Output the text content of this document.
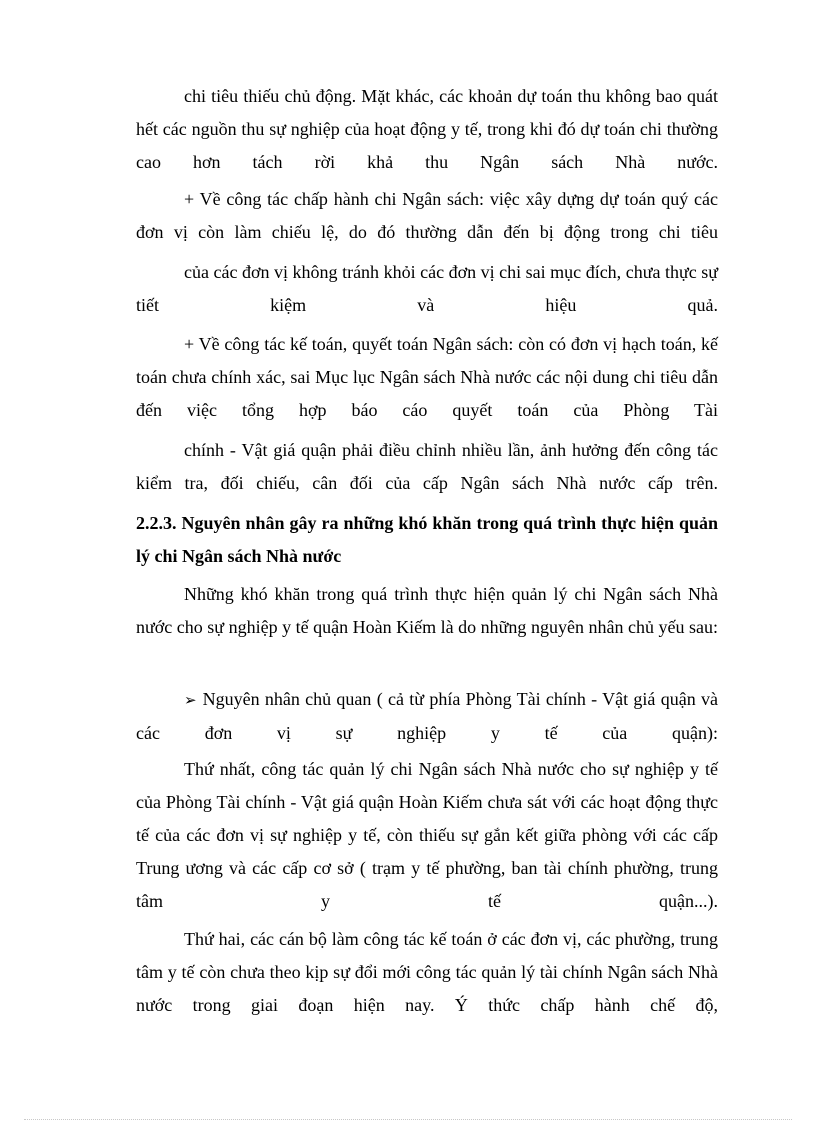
chi tiêu thiếu chủ động. Mặt khác, các khoản dự toán thu không bao quát hết các nguồn thu sự nghiệp của hoạt động y tế, trong khi đó dự toán chi thường cao hơn tách rời khả thu Ngân sách Nhà nước.

+ Về công tác chấp hành chi Ngân sách: việc xây dựng dự toán quý các đơn vị còn làm chiếu lệ, do đó thường dẫn đến bị động trong chi tiêu

của các đơn vị không tránh khỏi các đơn vị chi sai mục đích, chưa thực sự tiết kiệm và hiệu quả.

+ Về công tác kế toán, quyết toán Ngân sách: còn có đơn vị hạch toán, kế toán chưa chính xác, sai Mục lục Ngân sách Nhà nước các nội dung chi tiêu dẫn đến việc tổng hợp báo cáo quyết toán của Phòng Tài

chính - Vật giá quận phải điều chỉnh nhiều lần, ảnh hưởng đến công tác kiểm tra, đối chiếu, cân đối của cấp Ngân sách Nhà nước cấp trên.

2.2.3. Nguyên nhân gây ra những khó khăn trong quá trình thực hiện quản lý chi Ngân sách Nhà nước

Những khó khăn trong quá trình thực hiện quản lý chi Ngân sách Nhà nước cho sự nghiệp y tế quận Hoàn Kiếm là do những nguyên nhân chủ yếu sau:

➢ Nguyên nhân chủ quan ( cả từ phía Phòng Tài chính - Vật giá quận và các đơn vị sự nghiệp y tế của quận):

Thứ nhất, công tác quản lý chi Ngân sách Nhà nước cho sự nghiệp y tế của Phòng Tài chính - Vật giá quận Hoàn Kiếm chưa sát với các hoạt động thực tế của các đơn vị sự nghiệp y tế, còn thiếu sự gắn kết giữa phòng với các cấp Trung ương và các cấp cơ sở ( trạm y tế phường, ban tài chính phường, trung tâm y tế quận...).

Thứ hai, các cán bộ làm công tác kế toán ở các đơn vị, các phường, trung tâm y tế còn chưa theo kịp sự đổi mới công tác quản lý tài chính Ngân sách Nhà nước trong giai đoạn hiện nay. Ý thức chấp hành chế độ,
